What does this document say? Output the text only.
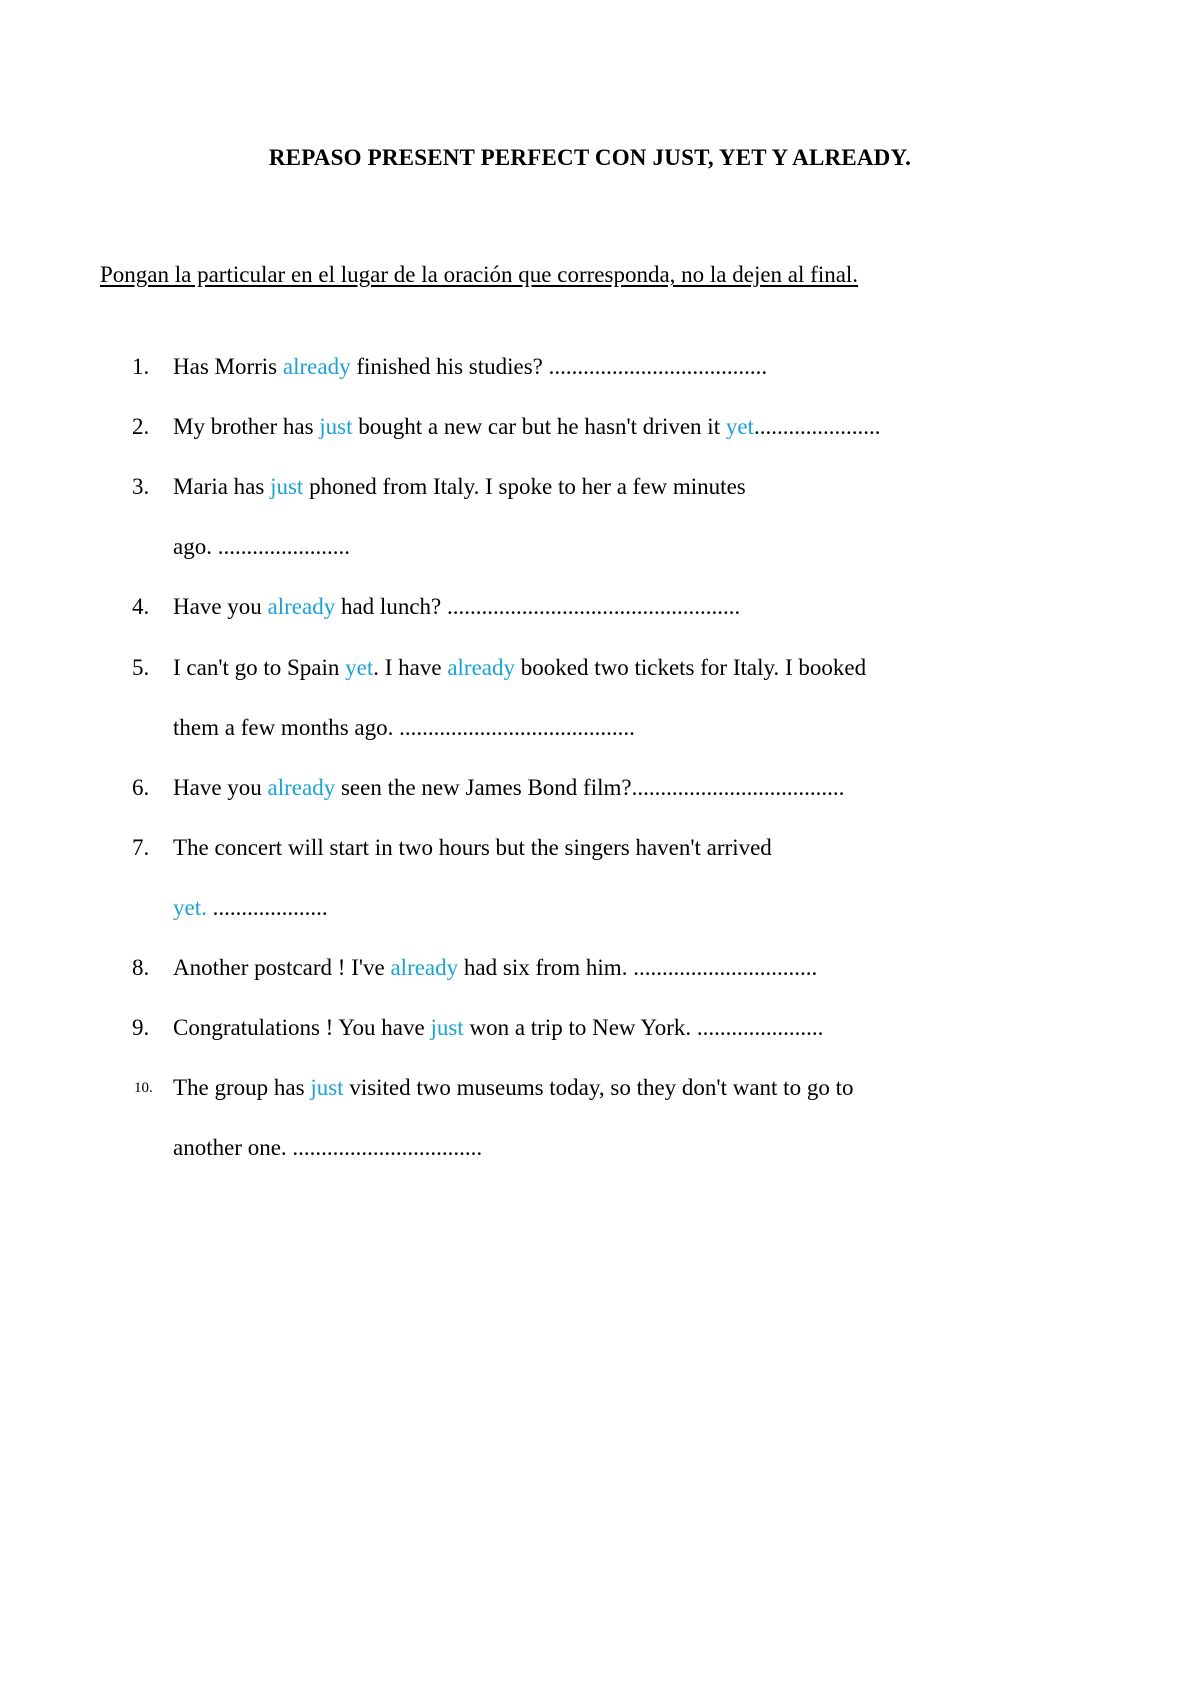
REPASO PRESENT PERFECT CON JUST, YET Y ALREADY.
Pongan la particular en el lugar de la oración que corresponda, no la dejen al final.
1.	Has Morris already finished his studies? ......................................
2.	My brother has just bought a new car but he hasn't driven it yet......................
3.	Maria has just phoned from Italy. I spoke to her a few minutes
ago. .......................
4.	Have you already had lunch? ...................................................
5.	I can't go to Spain yet. I have already booked two tickets for Italy. I booked
them a few months ago. .........................................
6.	Have you already seen the new James Bond film?.....................................
7.	The concert will start in two hours but the singers haven't arrived
yet. ....................
8.	Another postcard ! I've already had six from him. ................................
9.	Congratulations ! You have just won a trip to New York. ......................
10. The group has just visited two museums today, so they don't want to go to
another one. .................................
